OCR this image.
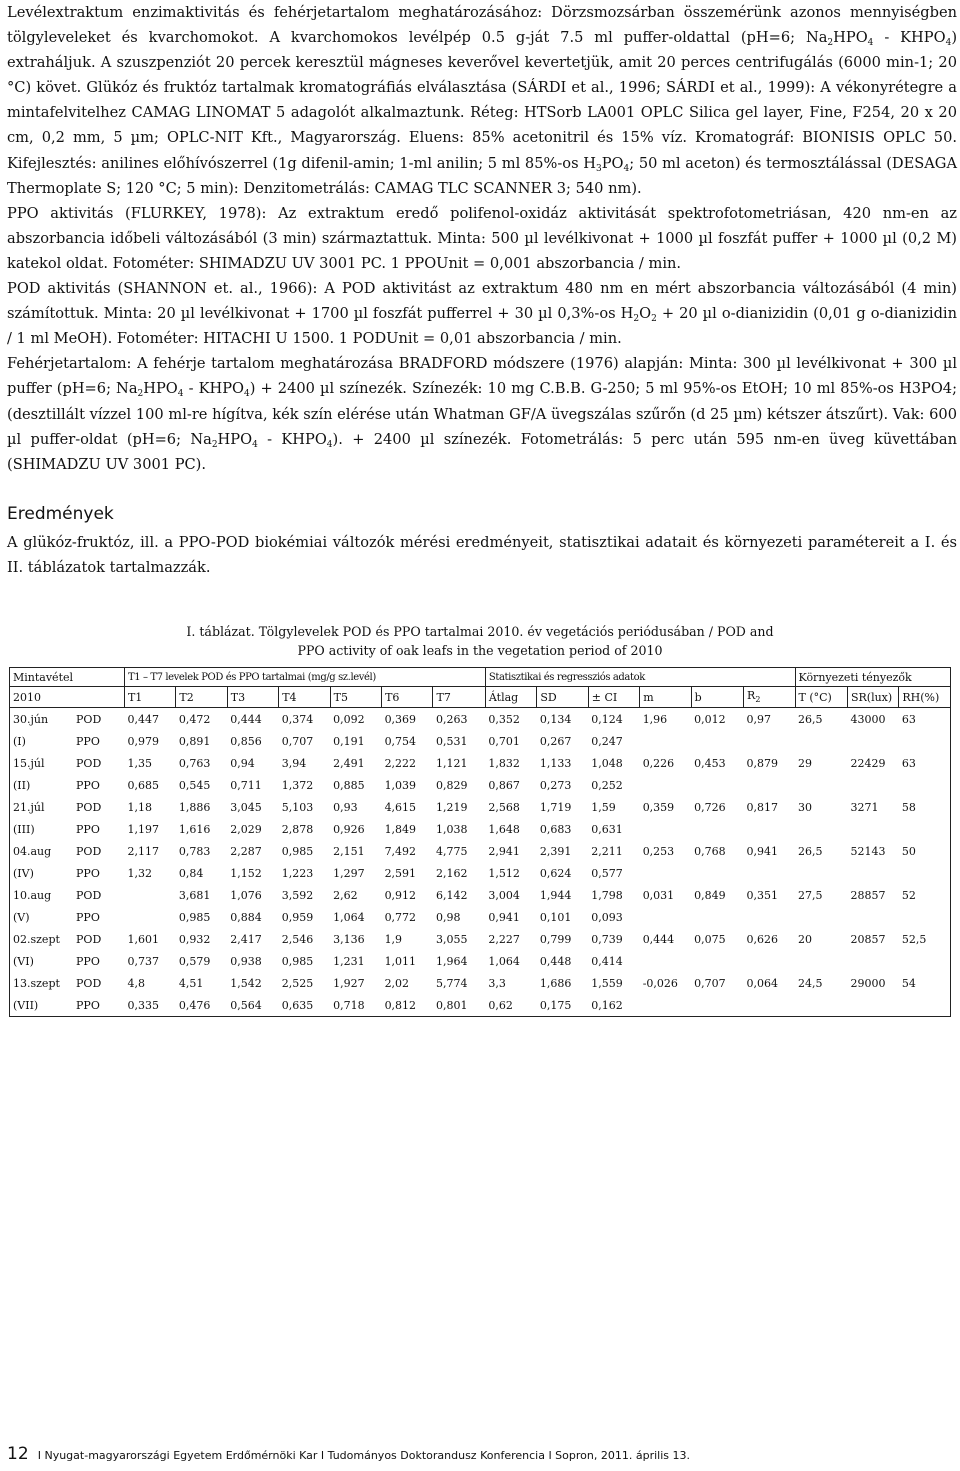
Levélextraktum enzimaktivitás és fehérjetartalom meghatározásához: Dörzsmozsárban összemérünk azonos mennyiségben tölgyleveleket és kvarchomokot. A kvarchomokos levélpép 0.5 g-ját 7.5 ml puffer-oldattal (pH=6; $Na_2HPO_4$ - $KHPO_4$) extraháljuk. A szuszpenziót 20 percek keresztül mágneses keverővel kevertetjük, amit 20 perces centrifugálás (6000 min-1; 20 °C) követ. Glükóz és fruktóz tartalmak kromatográfiás elválasztása (SÁRDI et al., 1996; SÁRDI et al., 1999): A vékonyrétegre a mintafelvitelhez CAMAG LINOMAT 5 adagolót alkalmaztunk. Réteg: HTSorb LA001 OPLC Silica gel layer, Fine, F254, 20 x 20 cm, 0,2 mm, 5 µm; OPLC-NIT Kft., Magyarország. Eluens: 85% acetonitril és 15% víz. Kromatográf: BIONISIS OPLC 50. Kifejlesztés: anilines előhívószerrel (1g difenil-amin; 1-ml anilin; 5 ml 85%-os $H_3PO_4$; 50 ml aceton) és termosztálással (DESAGA Thermoplate S; 120 °C; 5 min): Denzitometrálás: CAMAG TLC SCANNER 3; 540 nm).

PPO aktivitás (FLURKEY, 1978): Az extraktum eredő polifenol-oxidáz aktivitását spektrofotometriásan, 420 nm-en az abszorbancia időbeli változásából (3 min) származtattuk. Minta: 500 µl levélkivonat + 1000 µl foszfát puffer + 1000 µl (0,2 M) katekol oldat. Fotométer: SHIMADZU UV 3001 PC. 1 PPOUnit = 0,001 abszorbancia / min.

POD aktivitás (SHANNON et. al., 1966): A POD aktivitást az extraktum 480 nm en mért abszorbancia változásából (4 min) számítottuk. Minta: 20 µl levélkivonat + 1700 µl foszfát pufferrel + 30 µl 0,3%-os $H_2O_2 + 20$ µl o-dianizidin (0,01 g o-dianizidin / 1 ml MeOH). Fotométer: HITACHI U 1500. 1 PODUnit = 0,01 abszorbancia / min.

Fehérjetartalom: A fehérje tartalom meghatározása BRADFORD módszere (1976) alapján: Minta: 300 µl levélkivonat + 300 µl puffer (pH=6; $Na_2HPO_4$ - $KHPO_4) + 2400$ µl színezék. Színezék: 10 mg C.B.B. G-250; 5 ml 95%-os EtOH; 10 ml 85%-os H3PO4; (desztillált vízzel 100 ml-re hígítva, kék szín elérése után Whatman GF/A üvegszálas szűrőn (d 25 µm) kétszer átszűrt). Vak: 600 µl puffer-oldat (pH=6; $Na_2HPO_4$ - $KHPO_4$). + 2400 µl színezék. Fotometrálás: 5 perc után 595 nm-en üveg küvettában (SHIMADZU UV 3001 PC).

Eredmények
A glükóz-fruktóz, ill. a PPO-POD biokémiai változók mérési eredményeit, statisztikai adatait és környezeti paramétereit a I. és II. táblázatok tartalmazzák.
I. táblázat. Tölgylevelek POD és PPO tartalmai 2010. év vegetációs periódusában / POD and
PPO activity of oak leafs in the vegetation period of 2010
Mintavétel		T1 – T7 levelek POD és PPO tartalmai (mg/g sz.levél)							Statisztikai és regressziós adatok						Környezeti tényezők		
2010		T1	T2	T3	T4	T5	T6	T7	Átlag	SD	± CI	m	b	$R_2$	T (°C)	SR(lux)	RH(%)
30.jún	POD	0,447	0,472	0,444	0,374	0,092	0,369	0,263	0,352	0,134	0,124	1,96	0,012	0,97	26,5	43000	63
(I)	PPO	0,979	0,891	0,856	0,707	0,191	0,754	0,531	0,701	0,267	0,247						
15.júl	POD	1,35	0,763	0,94	3,94	2,491	2,222	1,121	1,832	1,133	1,048	0,226	0,453	0,879	29	22429	63
(II)	PPO	0,685	0,545	0,711	1,372	0,885	1,039	0,829	0,867	0,273	0,252						
21.júl	POD	1,18	1,886	3,045	5,103	0,93	4,615	1,219	2,568	1,719	1,59	0,359	0,726	0,817	30	3271	58
(III)	PPO	1,197	1,616	2,029	2,878	0,926	1,849	1,038	1,648	0,683	0,631						
04.aug	POD	2,117	0,783	2,287	0,985	2,151	7,492	4,775	2,941	2,391	2,211	0,253	0,768	0,941	26,5	52143	50
(IV)	PPO	1,32	0,84	1,152	1,223	1,297	2,591	2,162	1,512	0,624	0,577						
10.aug	POD		3,681	1,076	3,592	2,62	0,912	6,142	3,004	1,944	1,798	0,031	0,849	0,351	27,5	28857	52
(V)	PPO		0,985	0,884	0,959	1,064	0,772	0,98	0,941	0,101	0,093						
02.szept	POD	1,601	0,932	2,417	2,546	3,136	1,9	3,055	2,227	0,799	0,739	0,444	0,075	0,626	20	20857	52,5
(VI)	PPO	0,737	0,579	0,938	0,985	1,231	1,011	1,964	1,064	0,448	0,414						
13.szept	POD	4,8	4,51	1,542	2,525	1,927	2,02	5,774	3,3	1,686	1,559	-0,026	0,707	0,064	24,5	29000	54
(VII)	PPO	0,335	0,476	0,564	0,635	0,718	0,812	0,801	0,62	0,175	0,162						
12 I Nyugat-magyarországi Egyetem Erdőmérnöki Kar I Tudományos Doktorandusz Konferencia I Sopron, 2011. április 13.
